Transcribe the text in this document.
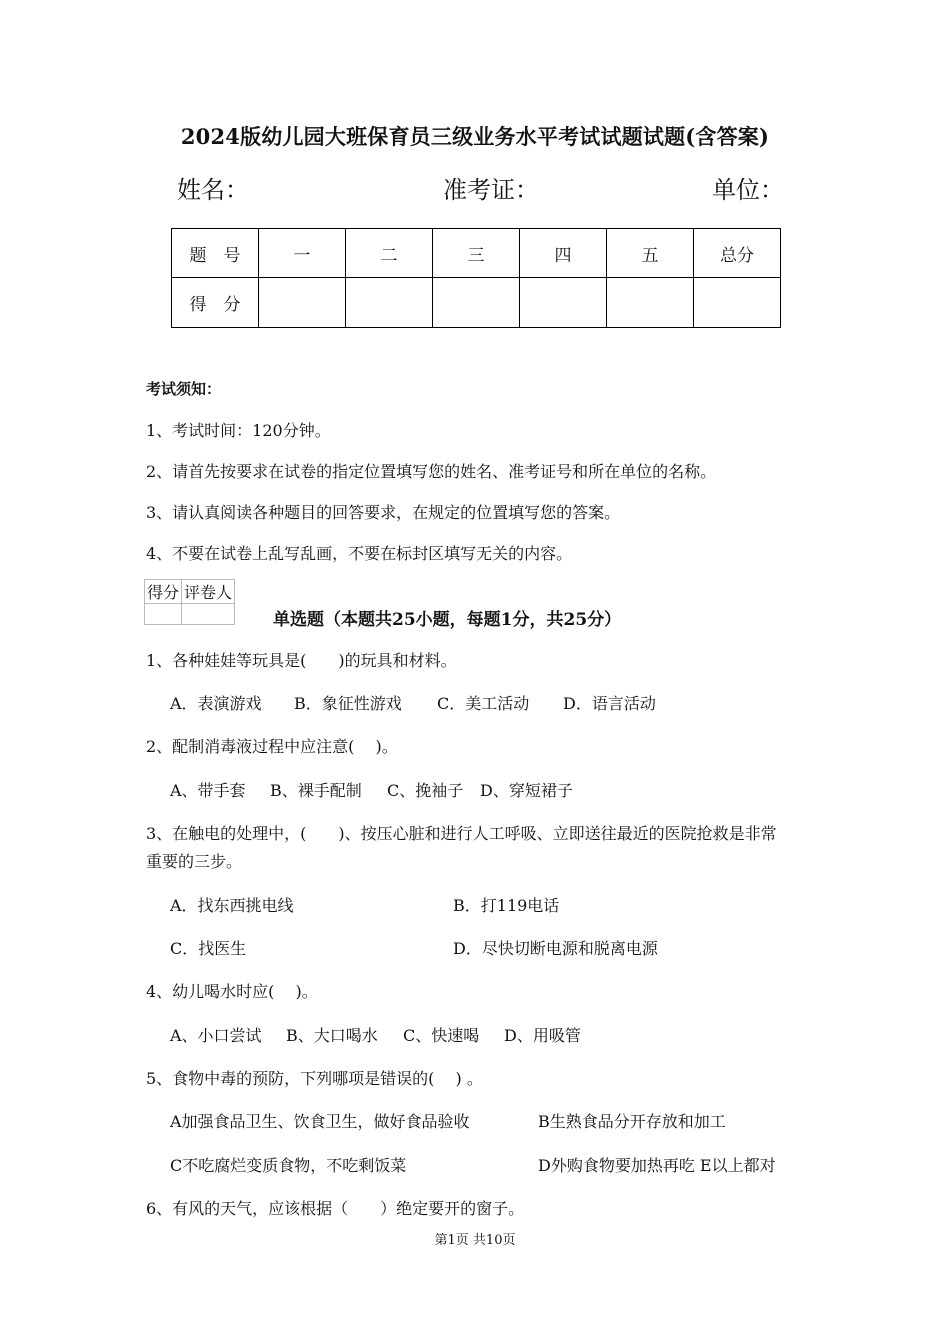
2024版幼儿园大班保育员三级业务水平考试试题试题(含答案)
姓名：	准考证：	单位：
题　号	一	二	三	四	五	总分
得　分						
考试须知：
1、考试时间：120分钟。
2、请首先按要求在试卷的指定位置填写您的姓名、准考证号和所在单位的名称。
3、请认真阅读各种题目的回答要求，在规定的位置填写您的答案。
4、不要在试卷上乱写乱画，不要在标封区填写无关的内容。
得分	评卷人

单选题（本题共25小题，每题1分，共25分）
1、各种娃娃等玩具是(　　)的玩具和材料。
A．表演游戏 B．象征性游戏 C．美工活动 D．语言活动
2、配制消毒液过程中应注意(　 )。
A、带手套 B、裸手配制 C、挽袖子 D、穿短裙子
3、在触电的处理中，(　　)、按压心脏和进行人工呼吸、立即送往最近的医院抢救是非常
重要的三步。
A．找东西挑电线	B．打119电话
C．找医生	D．尽快切断电源和脱离电源
4、幼儿喝水时应(　 )。
A、小口尝试 B、大口喝水 C、快速喝 D、用吸管
5、食物中毒的预防，下列哪项是错误的(　 ) 。
A加强食品卫生、饮食卫生，做好食品验收	B生熟食品分开存放和加工
C不吃腐烂变质食物，不吃剩饭菜	D外购食物要加热再吃 E以上都对
6、有风的天气，应该根据（　　）绝定要开的窗子。
第1页 共10页
